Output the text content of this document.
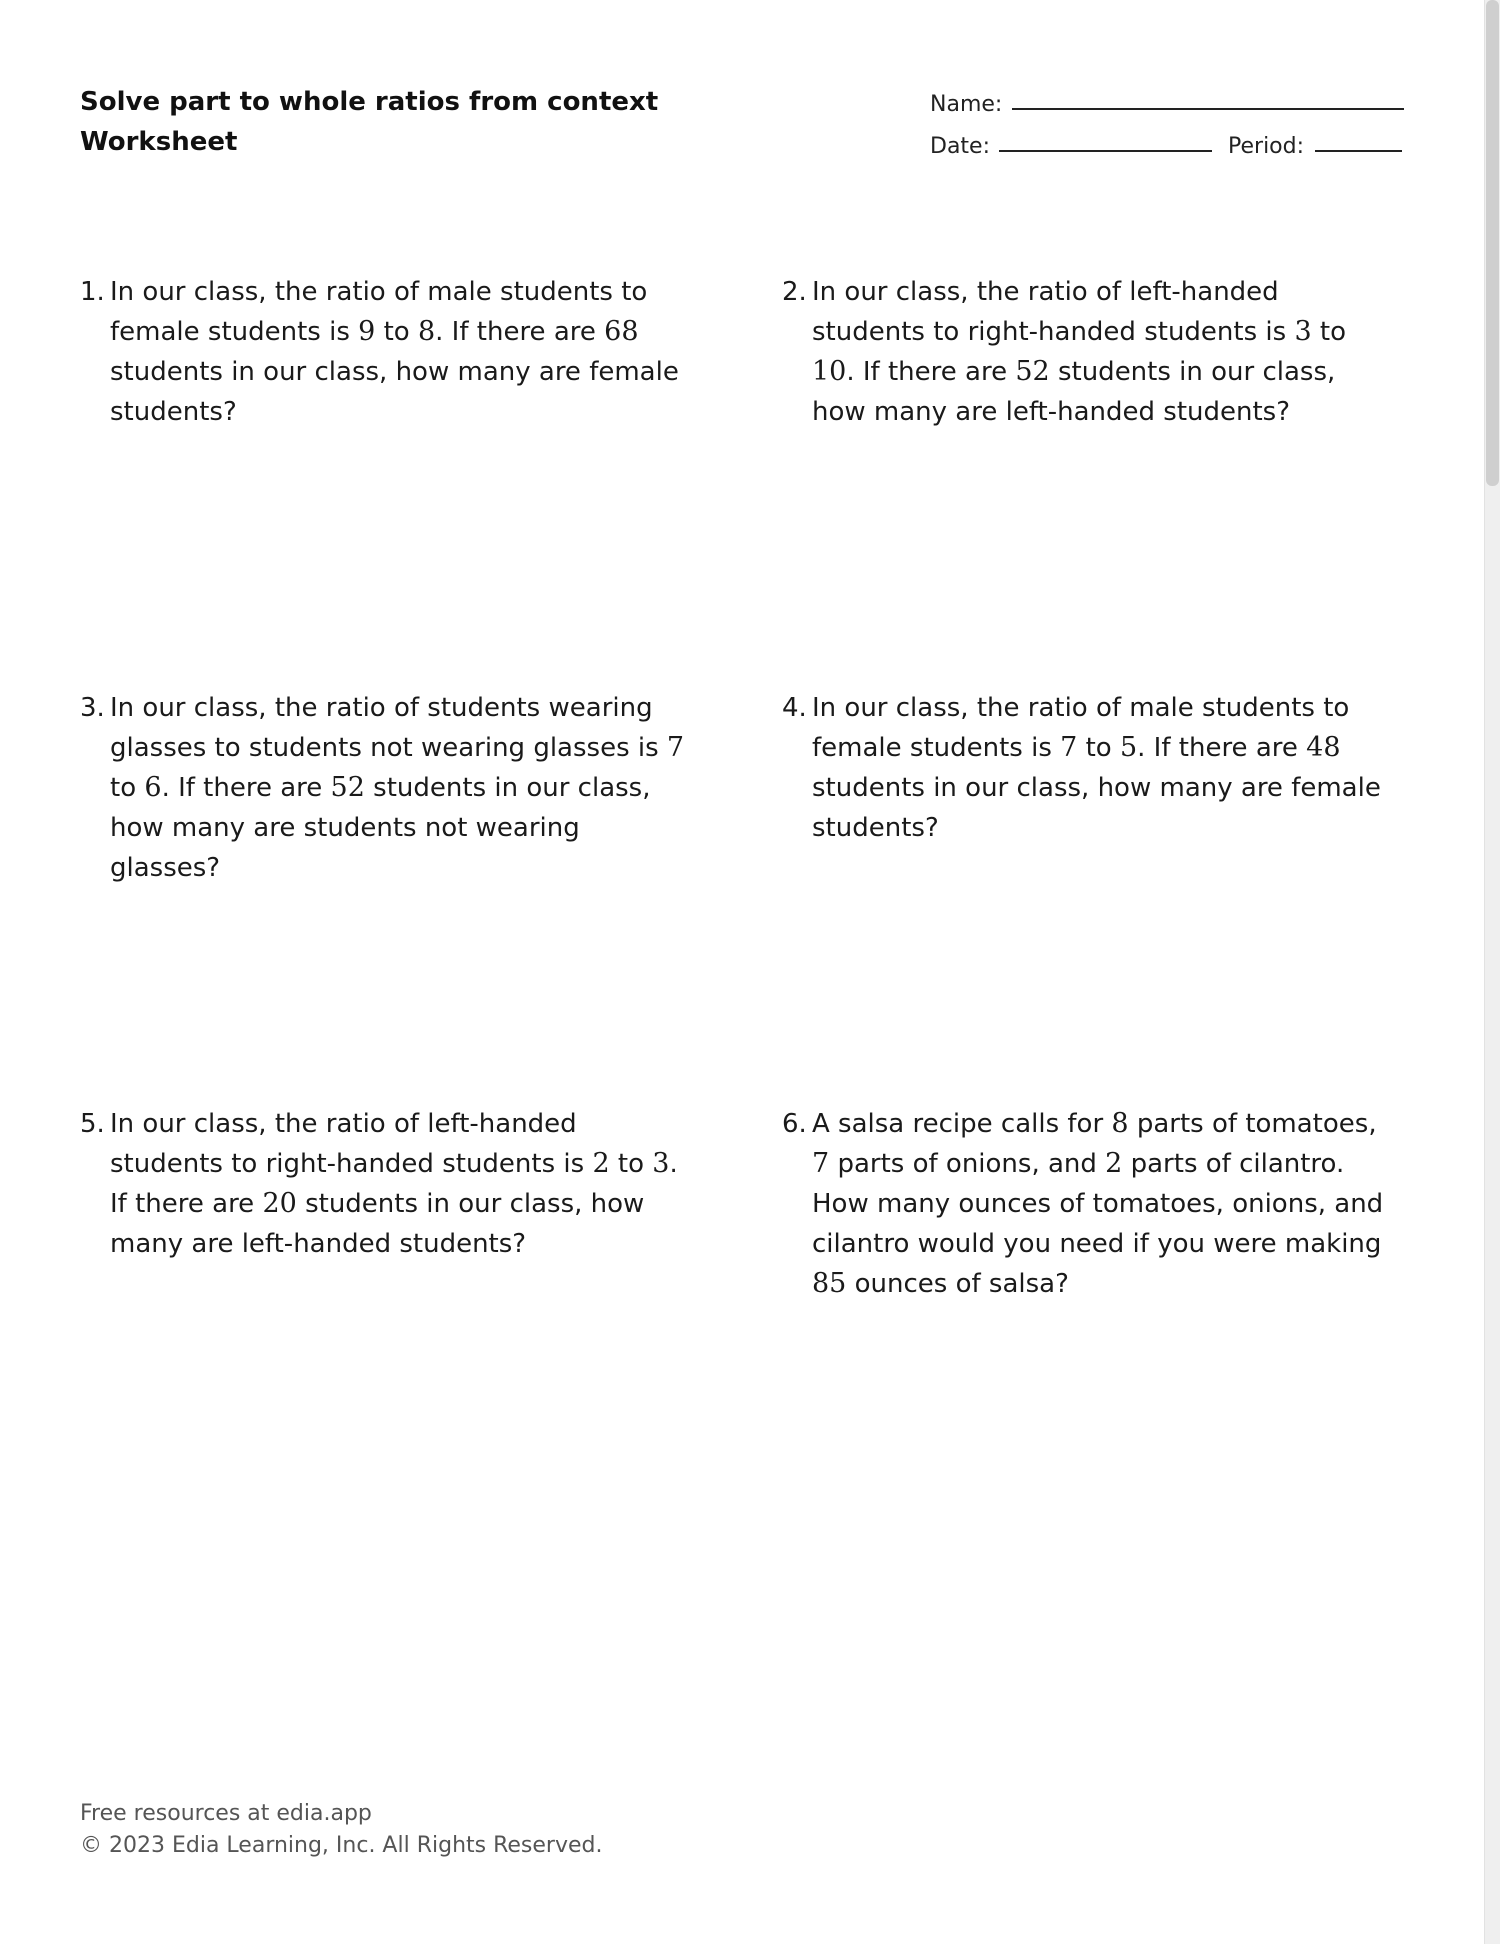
Solve part to whole ratios from context
Worksheet
Name:
Date:	Period:
1. In our class, the ratio of male students to female students is 9 to 8. If there are 68 students in our class, how many are female students?
2. In our class, the ratio of left-handed students to right-handed students is 3 to 10. If there are 52 students in our class, how many are left-handed students?
3. In our class, the ratio of students wearing glasses to students not wearing glasses is 7 to 6. If there are 52 students in our class, how many are students not wearing glasses?
4. In our class, the ratio of male students to female students is 7 to 5. If there are 48 students in our class, how many are female students?
5. In our class, the ratio of left-handed students to right-handed students is 2 to 3. If there are 20 students in our class, how many are left-handed students?
6. A salsa recipe calls for 8 parts of tomatoes, 7 parts of onions, and 2 parts of cilantro. How many ounces of tomatoes, onions, and cilantro would you need if you were making 85 ounces of salsa?
Free resources at edia.app
© 2023 Edia Learning, Inc. All Rights Reserved.
